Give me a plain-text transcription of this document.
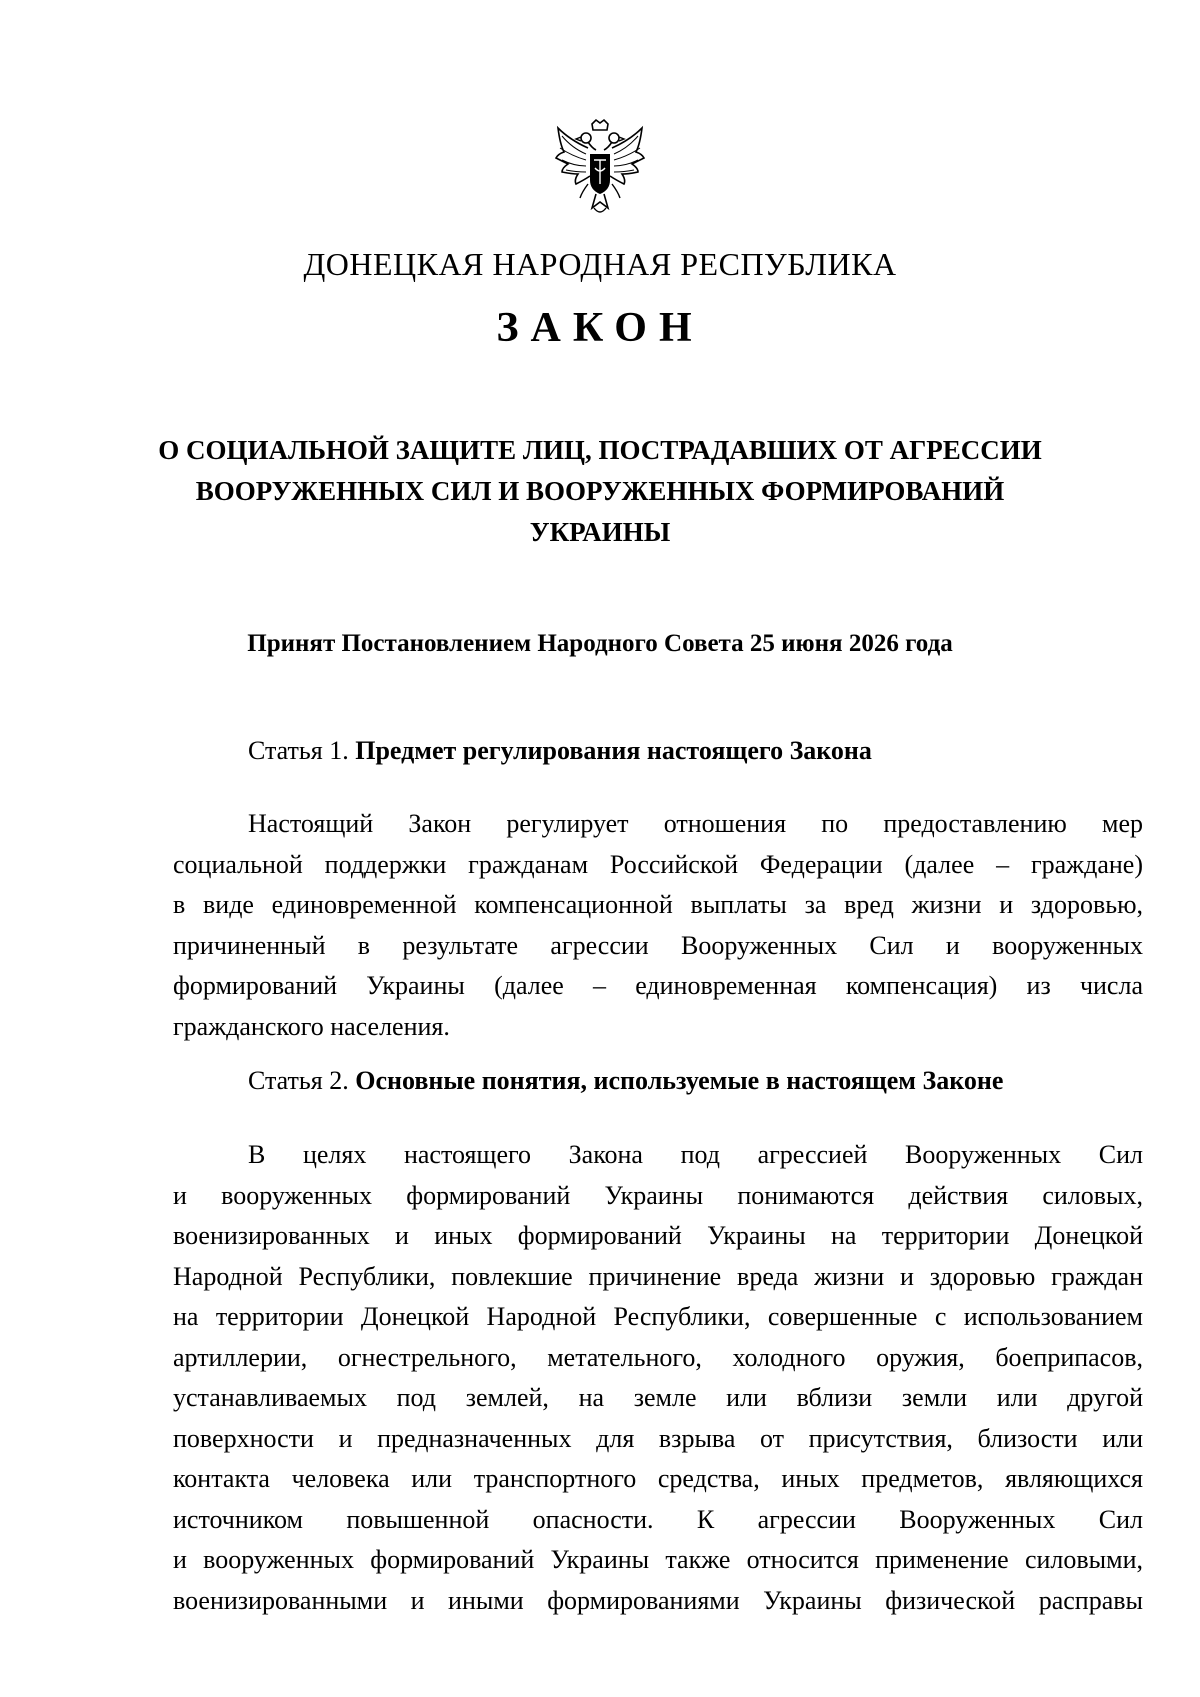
ДОНЕЦКАЯ НАРОДНАЯ РЕСПУБЛИКА
ЗАКОН
О СОЦИАЛЬНОЙ ЗАЩИТЕ ЛИЦ, ПОСТРАДАВШИХ ОТ АГРЕССИИ
ВООРУЖЕННЫХ СИЛ И ВООРУЖЕННЫХ ФОРМИРОВАНИЙ
УКРАИНЫ
Принят Постановлением Народного Совета 25 июня 2026 года
Статья 1. Предмет регулирования настоящего Закона
Настоящий Закон регулирует отношения по предоставлению мер
социальной поддержки гражданам Российской Федерации (далее – граждане)
в виде единовременной компенсационной выплаты за вред жизни и здоровью,
причиненный в результате агрессии Вооруженных Сил и вооруженных
формирований Украины (далее – единовременная компенсация) из числа
гражданского населения.
Статья 2. Основные понятия, используемые в настоящем Законе
В целях настоящего Закона под агрессией Вооруженных Сил
и вооруженных формирований Украины понимаются действия силовых,
военизированных и иных формирований Украины на территории Донецкой
Народной Республики, повлекшие причинение вреда жизни и здоровью граждан
на территории Донецкой Народной Республики, совершенные с использованием
артиллерии, огнестрельного, метательного, холодного оружия, боеприпасов,
устанавливаемых под землей, на земле или вблизи земли или другой
поверхности и предназначенных для взрыва от присутствия, близости или
контакта человека или транспортного средства, иных предметов, являющихся
источником повышенной опасности. К агрессии Вооруженных Сил
и вооруженных формирований Украины также относится применение силовыми,
военизированными и иными формированиями Украины физической расправы
